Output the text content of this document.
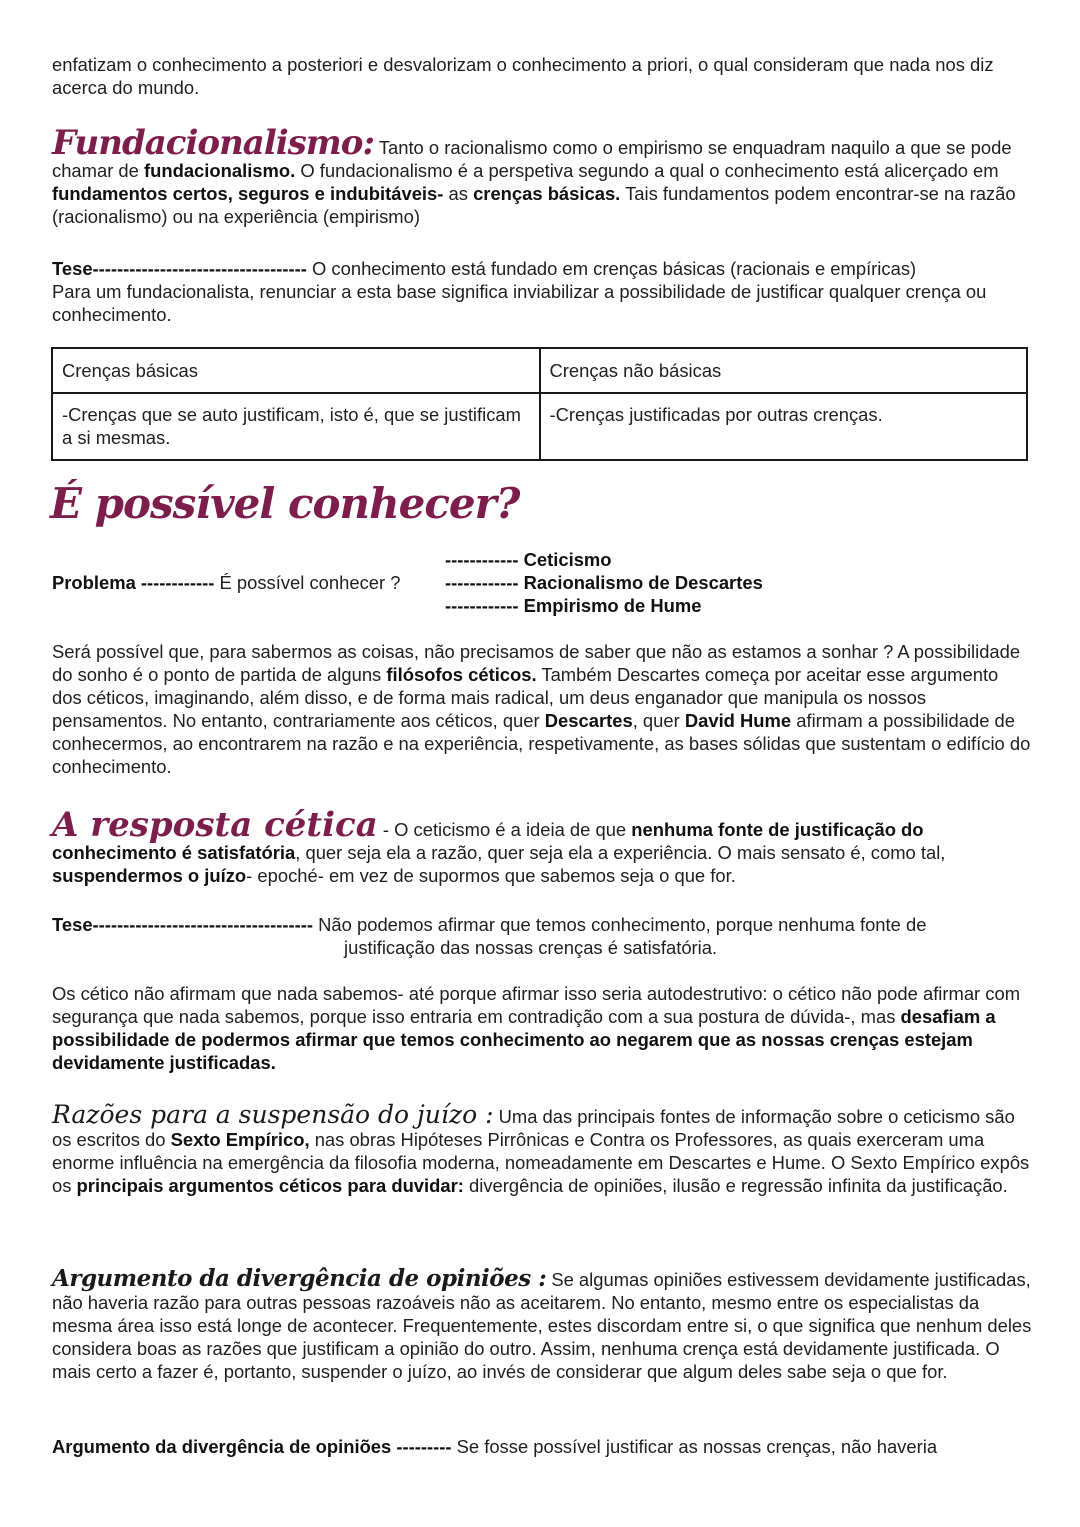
enfatizam o conhecimento a posteriori e desvalorizam o conhecimento a priori, o qual consideram que nada nos diz acerca do mundo.

Fundacionalismo: Tanto o racionalismo como o empirismo se enquadram naquilo a que se pode chamar de fundacionalismo. O fundacionalismo é a perspetiva segundo a qual o conhecimento está alicerçado em fundamentos certos, seguros e indubitáveis- as crenças básicas. Tais fundamentos podem encontrar-se na razão (racionalismo) ou na experiência (empirismo)

Tese----------------------------------- O conhecimento está fundado em crenças básicas (racionais e empíricas)
Para um fundacionalista, renunciar a esta base significa inviabilizar a possibilidade de justificar qualquer crença ou conhecimento.

Crenças básicas	Crenças não básicas
-Crenças que se auto justificam, isto é, que se justificam a si mesmas.	-Crenças justificadas por outras crenças.
É possível conhecer?
Problema ------------ É possível conhecer ?
------------ Ceticismo
------------ Racionalismo de Descartes
------------ Empirismo de Hume

Será possível que, para sabermos as coisas, não precisamos de saber que não as estamos a sonhar ? A possibilidade do sonho é o ponto de partida de alguns filósofos céticos. Também Descartes começa por aceitar esse argumento dos céticos, imaginando, além disso, e de forma mais radical, um deus enganador que manipula os nossos pensamentos. No entanto, contrariamente aos céticos, quer Descartes, quer David Hume afirmam a possibilidade de conhecermos, ao encontrarem na razão e na experiência, respetivamente, as bases sólidas que sustentam o edifício do conhecimento.

A resposta cética - O ceticismo é a ideia de que nenhuma fonte de justificação do conhecimento é satisfatória, quer seja ela a razão, quer seja ela a experiência. O mais sensato é, como tal, suspendermos o juízo- epoché- em vez de supormos que sabemos seja o que for.

Tese------------------------------------ Não podemos afirmar que temos conhecimento, porque nenhuma fonte de
justificação das nossas crenças é satisfatória.

Os cético não afirmam que nada sabemos- até porque afirmar isso seria autodestrutivo: o cético não pode afirmar com segurança que nada sabemos, porque isso entraria em contradição com a sua postura de dúvida-, mas desafiam a possibilidade de podermos afirmar que temos conhecimento ao negarem que as nossas crenças estejam devidamente justificadas.

Razões para a suspensão do juízo : Uma das principais fontes de informação sobre o ceticismo são os escritos do Sexto Empírico, nas obras Hipóteses Pirrônicas e Contra os Professores, as quais exerceram uma enorme influência na emergência da filosofia moderna, nomeadamente em Descartes e Hume. O Sexto Empírico expôs os principais argumentos céticos para duvidar: divergência de opiniões, ilusão e regressão infinita da justificação.

Argumento da divergência de opiniões : Se algumas opiniões estivessem devidamente justificadas, não haveria razão para outras pessoas razoáveis não as aceitarem. No entanto, mesmo entre os especialistas da mesma área isso está longe de acontecer. Frequentemente, estes discordam entre si, o que significa que nenhum deles considera boas as razões que justificam a opinião do outro. Assim, nenhuma crença está devidamente justificada. O mais certo a fazer é, portanto, suspender o juízo, ao invés de considerar que algum deles sabe seja o que for.

Argumento da divergência de opiniões --------- Se fosse possível justificar as nossas crenças, não haveria
